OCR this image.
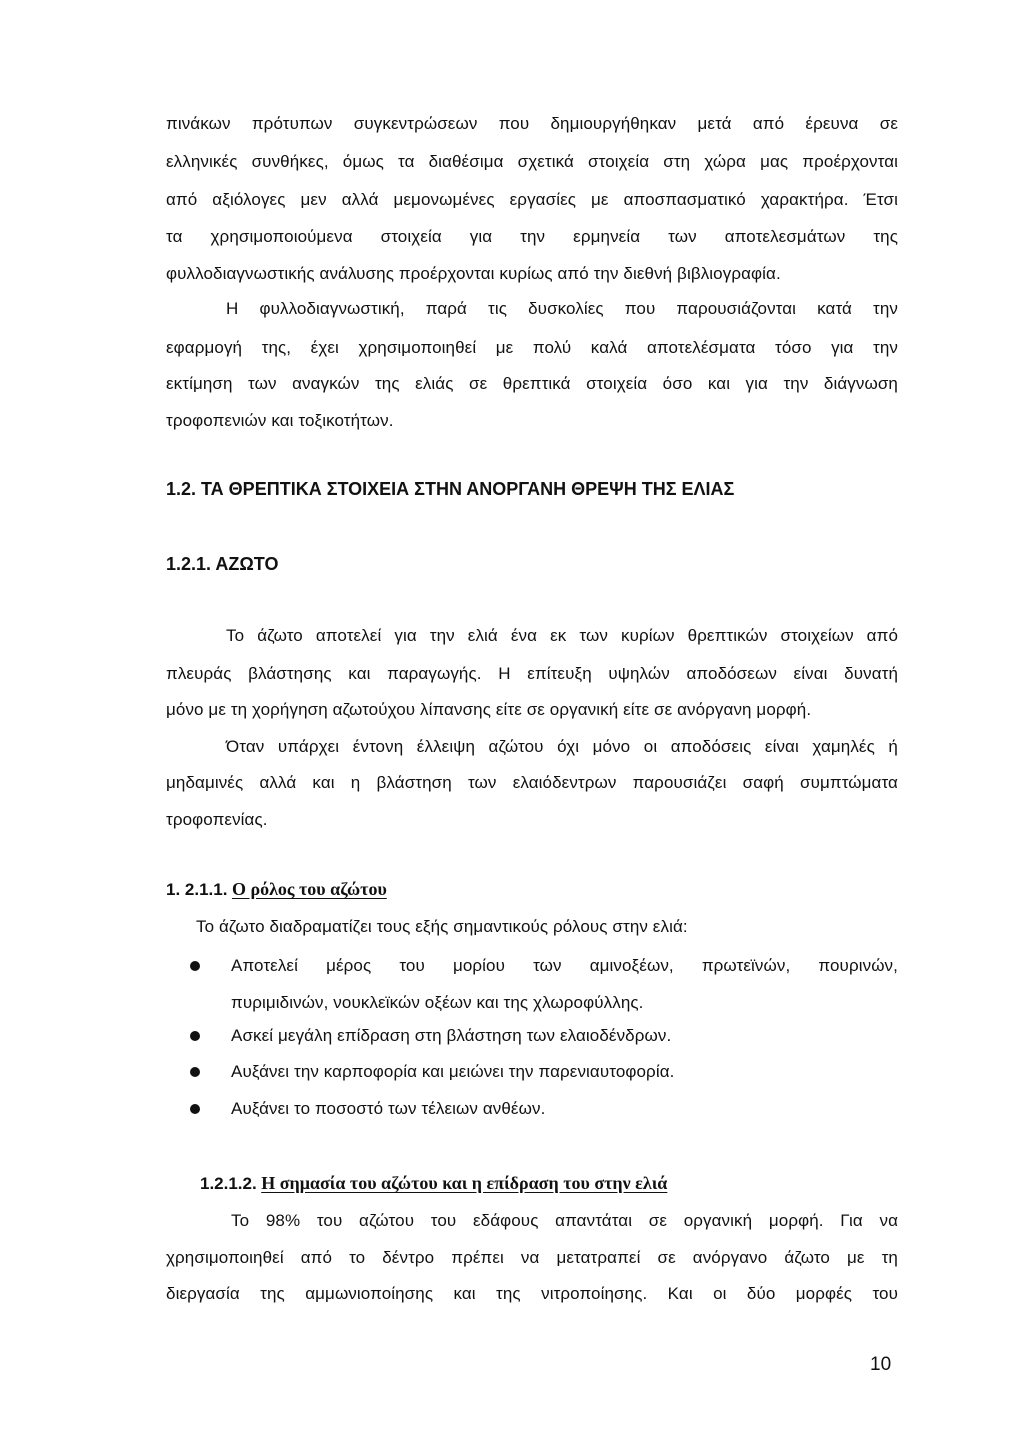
πινάκων πρότυπων συγκεντρώσεων που δημιουργήθηκαν μετά από έρευνα σε
ελληνικές συνθήκες, όμως τα διαθέσιμα σχετικά στοιχεία στη χώρα μας προέρχονται
από αξιόλογες μεν αλλά μεμονωμένες εργασίες με αποσπασματικό χαρακτήρα. Έτσι
τα χρησιμοποιούμενα στοιχεία για την ερμηνεία των αποτελεσμάτων της
φυλλοδιαγνωστικής ανάλυσης προέρχονται κυρίως από την διεθνή βιβλιογραφία.
Η φυλλοδιαγνωστική, παρά τις δυσκολίες που παρουσιάζονται κατά την
εφαρμογή της, έχει χρησιμοποιηθεί με πολύ καλά αποτελέσματα τόσο για την
εκτίμηση των αναγκών της ελιάς σε θρεπτικά στοιχεία όσο και για την διάγνωση
τροφοπενιών και τοξικοτήτων.
1.2. ΤΑ ΘΡΕΠΤΙΚΑ ΣΤΟΙΧΕΙΑ ΣΤΗΝ ΑΝΟΡΓΑΝΗ ΘΡΕΨΗ ΤΗΣ ΕΛΙΑΣ
1.2.1. ΑΖΩΤΟ
Το άζωτο αποτελεί για την ελιά ένα εκ των κυρίων θρεπτικών στοιχείων από
πλευράς βλάστησης και παραγωγής. Η επίτευξη υψηλών αποδόσεων είναι δυνατή
μόνο με τη χορήγηση αζωτούχου λίπανσης είτε σε οργανική είτε σε ανόργανη μορφή.
Όταν υπάρχει έντονη έλλειψη αζώτου όχι μόνο οι αποδόσεις είναι χαμηλές ή
μηδαμινές αλλά και η βλάστηση των ελαιόδεντρων παρουσιάζει σαφή συμπτώματα
τροφοπενίας.
1. 2.1.1. Ο ρόλος του αζώτου
Το άζωτο διαδραματίζει τους εξής σημαντικούς ρόλους στην ελιά:
Αποτελεί μέρος του μορίου των αμινοξέων, πρωτεϊνών, πουρινών,
πυριμιδινών, νουκλεϊκών οξέων και της χλωροφύλλης.
Ασκεί μεγάλη επίδραση στη βλάστηση των ελαιοδένδρων.
Αυξάνει την καρποφορία και μειώνει την παρενιαυτοφορία.
Αυξάνει το ποσοστό των τέλειων ανθέων.
1.2.1.2. Η σημασία του αζώτου και η επίδραση του στην ελιά
Το 98% του αζώτου του εδάφους απαντάται σε οργανική μορφή. Για να
χρησιμοποιηθεί από το δέντρο πρέπει να μετατραπεί σε ανόργανο άζωτο με τη
διεργασία της αμμωνιοποίησης και της νιτροποίησης. Και οι δύο μορφές του
10
